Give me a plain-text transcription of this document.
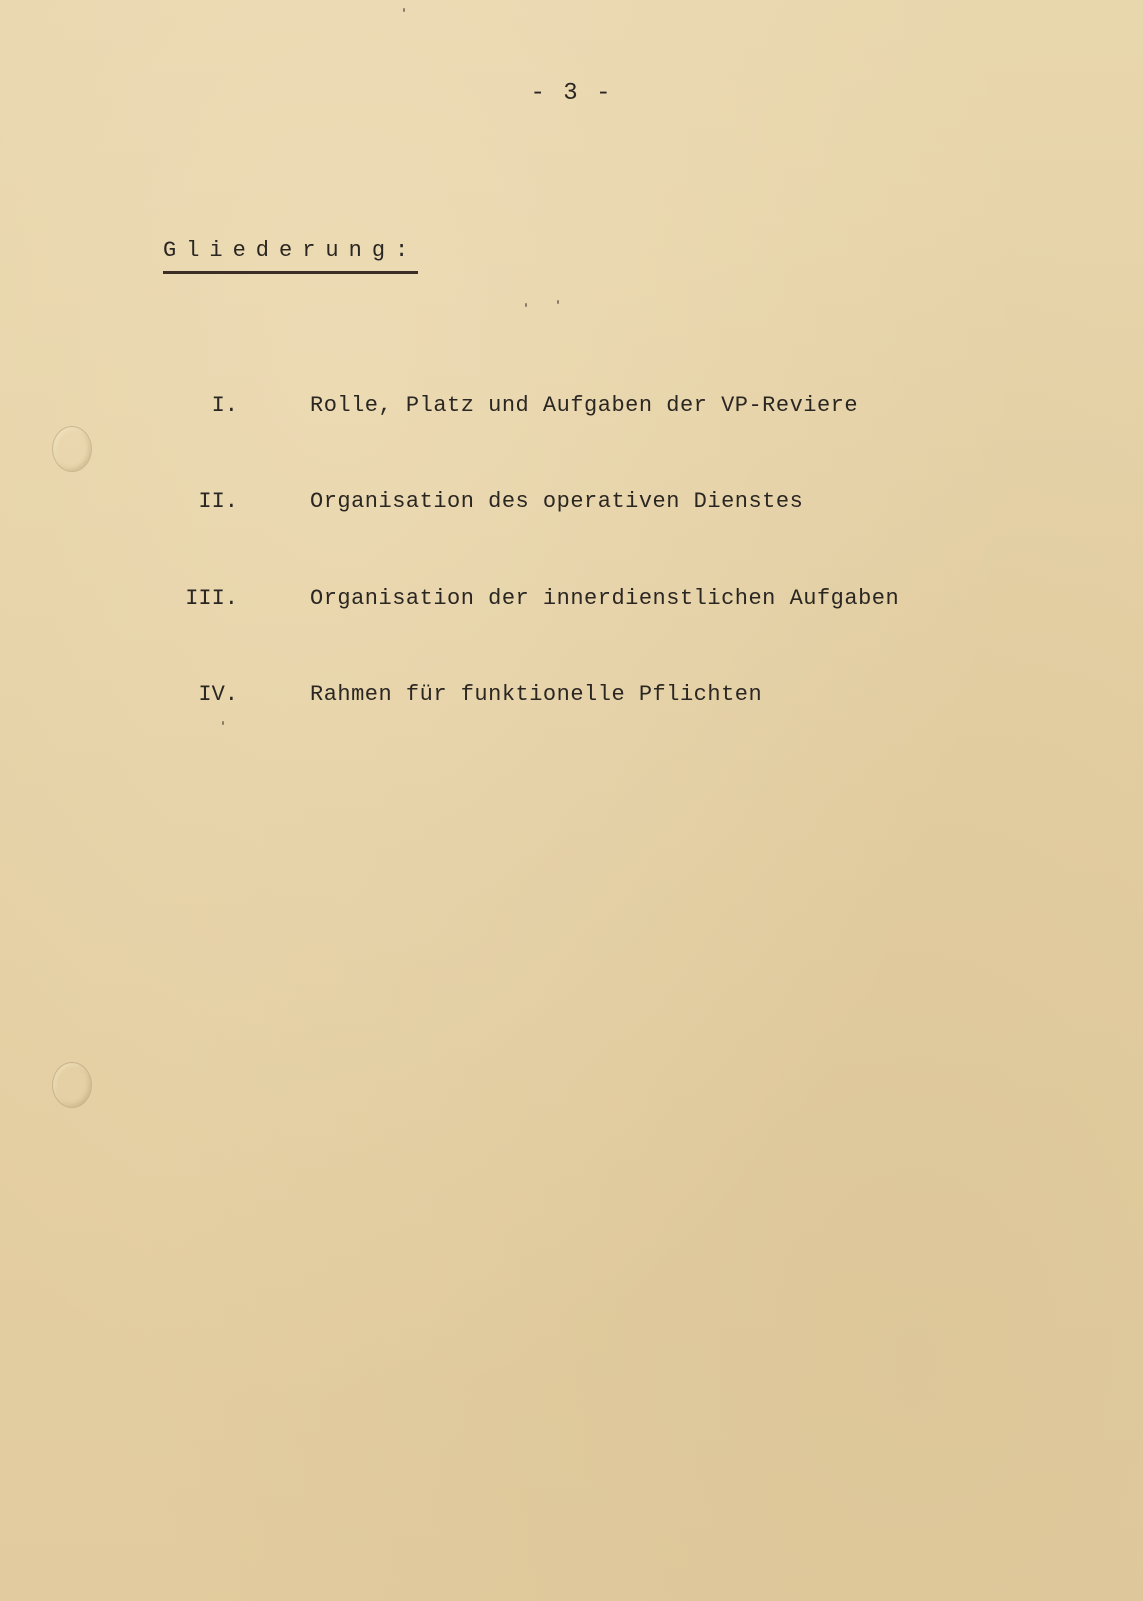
- 3 -
Gliederung:
I.	Rolle, Platz und Aufgaben der VP-Reviere
II.	Organisation des operativen Dienstes
III.	Organisation der innerdienstlichen Aufgaben
IV.	Rahmen für funktionelle Pflichten
